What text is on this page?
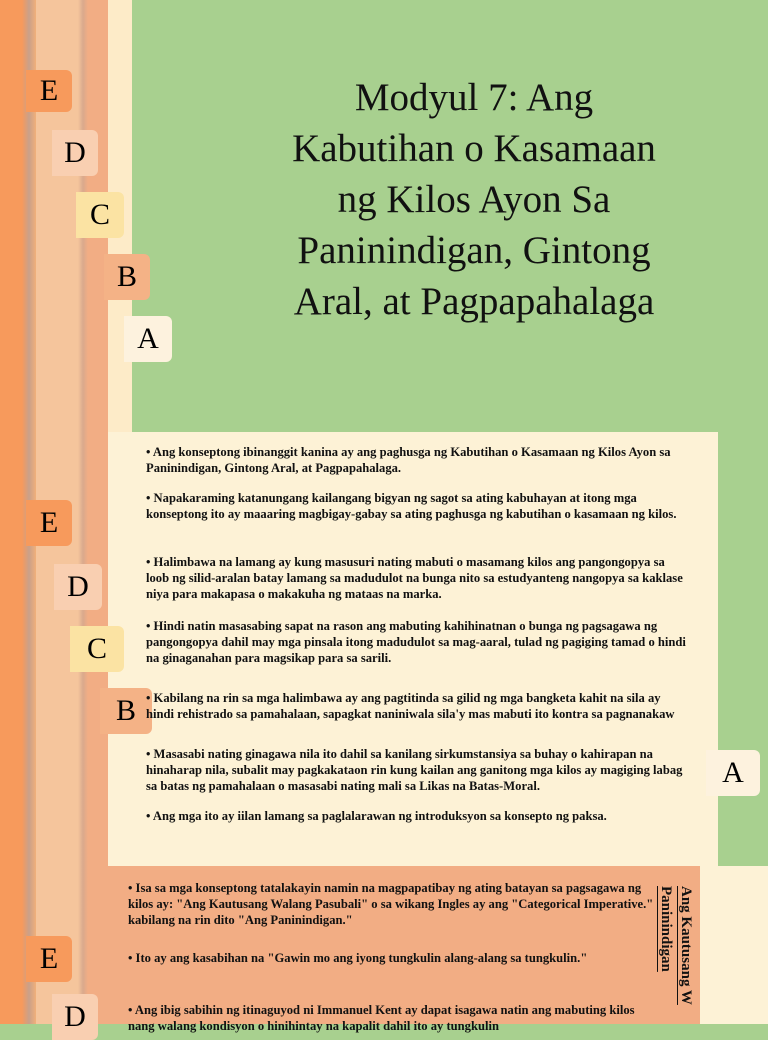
E
D
C
B
A
Modyul 7: Ang Kabutihan o Kasamaan ng Kilos Ayon Sa Paninindigan, Gintong Aral, at Pagpapahalaga
E
D
C
B
A
• Ang konseptong ibinanggit kanina ay ang paghusga ng Kabutihan o Kasamaan ng Kilos Ayon sa Paninindigan, Gintong Aral, at Pagpapahalaga.
• Napakaraming katanungang kailangang bigyan ng sagot sa ating kabuhayan at itong mga konseptong ito ay maaaring magbigay-gabay sa ating paghusga ng kabutihan o kasamaan ng kilos.
• Halimbawa na lamang ay kung masusuri nating mabuti o masamang kilos ang pangongopya sa loob ng silid-aralan batay lamang sa madudulot na bunga nito sa estudyanteng nangopya sa kaklase niya para makapasa o makakuha ng mataas na marka.
• Hindi natin masasabing sapat na rason ang mabuting kahihinatnan o bunga ng pagsagawa ng pangongopya dahil may mga pinsala itong madudulot sa mag-aaral, tulad ng pagiging tamad o hindi na ginaganahan para magsikap para sa sarili.
• Kabilang na rin sa mga halimbawa ay ang pagtitinda sa gilid ng mga bangketa kahit na sila ay hindi rehistrado sa pamahalaan, sapagkat naniniwala sila'y mas mabuti ito kontra sa pagnanakaw
• Masasabi nating ginagawa nila ito dahil sa kanilang sirkumstansiya sa buhay o kahirapan na hinaharap nila, subalit may pagkakataon rin kung kailan ang ganitong mga kilos ay magiging labag sa batas ng pamahalaan o masasabi nating mali sa Likas na Batas-Moral.
• Ang mga ito ay iilan lamang sa paglalarawan ng introduksyon sa konsepto ng paksa.
E
D
• Isa sa mga konseptong tatalakayin namin na magpapatibay ng ating batayan sa pagsagawa ng kilos ay: "Ang Kautusang Walang Pasubali" o sa wikang Ingles ay ang "Categorical Imperative." kabilang na rin dito "Ang Paninindigan."
• Ito ay ang kasabihan na "Gawin mo ang iyong tungkulin alang-alang sa tungkulin."
• Ang ibig sabihin ng itinaguyod ni Immanuel Kent ay dapat isagawa natin ang mabuting kilos nang walang kondisyon o hinihintay na kapalit dahil ito ay tungkulin
Ang Kautusang W
Paninindigan
